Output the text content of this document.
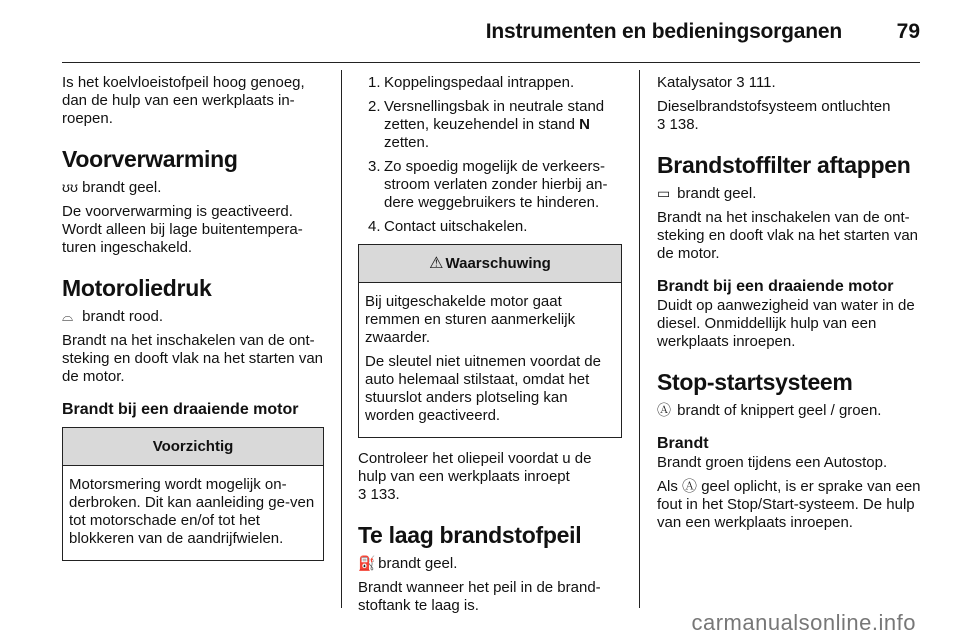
Instrumenten en bedieningsorganen	79

Is het koelvloeistofpeil hoog genoeg, dan de hulp van een werkplaats in-roepen.

Voorverwarming

ʊʊ brandt geel.

De voorverwarming is geactiveerd. Wordt alleen bij lage buitentempera-turen ingeschakeld.

Motoroliedruk

⌓ brandt rood.

Brandt na het inschakelen van de ont-steking en dooft vlak na het starten van de motor.

Brandt bij een draaiende motor
Voorzichtig

Motorsmering wordt mogelijk on-derbroken. Dit kan aanleiding ge-ven tot motorschade en/of tot het blokkeren van de aandrijfwielen.

1. Koppelingspedaal intrappen.
2. Versnellingsbak in neutrale stand zetten, keuzehendel in stand N zetten.
3. Zo spoedig mogelijk de verkeers-stroom verlaten zonder hierbij an-dere weggebruikers te hinderen.
4. Contact uitschakelen.
⚠ Waarschuwing

Bij uitgeschakelde motor gaat remmen en sturen aanmerkelijk zwaarder.

De sleutel niet uitnemen voordat de auto helemaal stilstaat, omdat het stuurslot anders plotseling kan worden geactiveerd.

Controleer het oliepeil voordat u de hulp van een werkplaats inroept
3 133.

Te laag brandstofpeil

⛽ brandt geel.

Brandt wanneer het peil in de brand-stoftank te laag is.

Katalysator 3 111.

Dieselbrandstofsysteem ontluchten
3 138.

Brandstoffilter aftappen

▭ brandt geel.

Brandt na het inschakelen van de ont-steking en dooft vlak na het starten van de motor.

Brandt bij een draaiende motor

Duidt op aanwezigheid van water in de diesel. Onmiddellijk hulp van een werkplaats inroepen.

Stop-startsysteem

Ⓐ brandt of knippert geel / groen.

Brandt

Brandt groen tijdens een Autostop.

Als Ⓐ geel oplicht, is er sprake van een fout in het Stop/Start-systeem. De hulp van een werkplaats inroepen.

carmanualsonline.info
